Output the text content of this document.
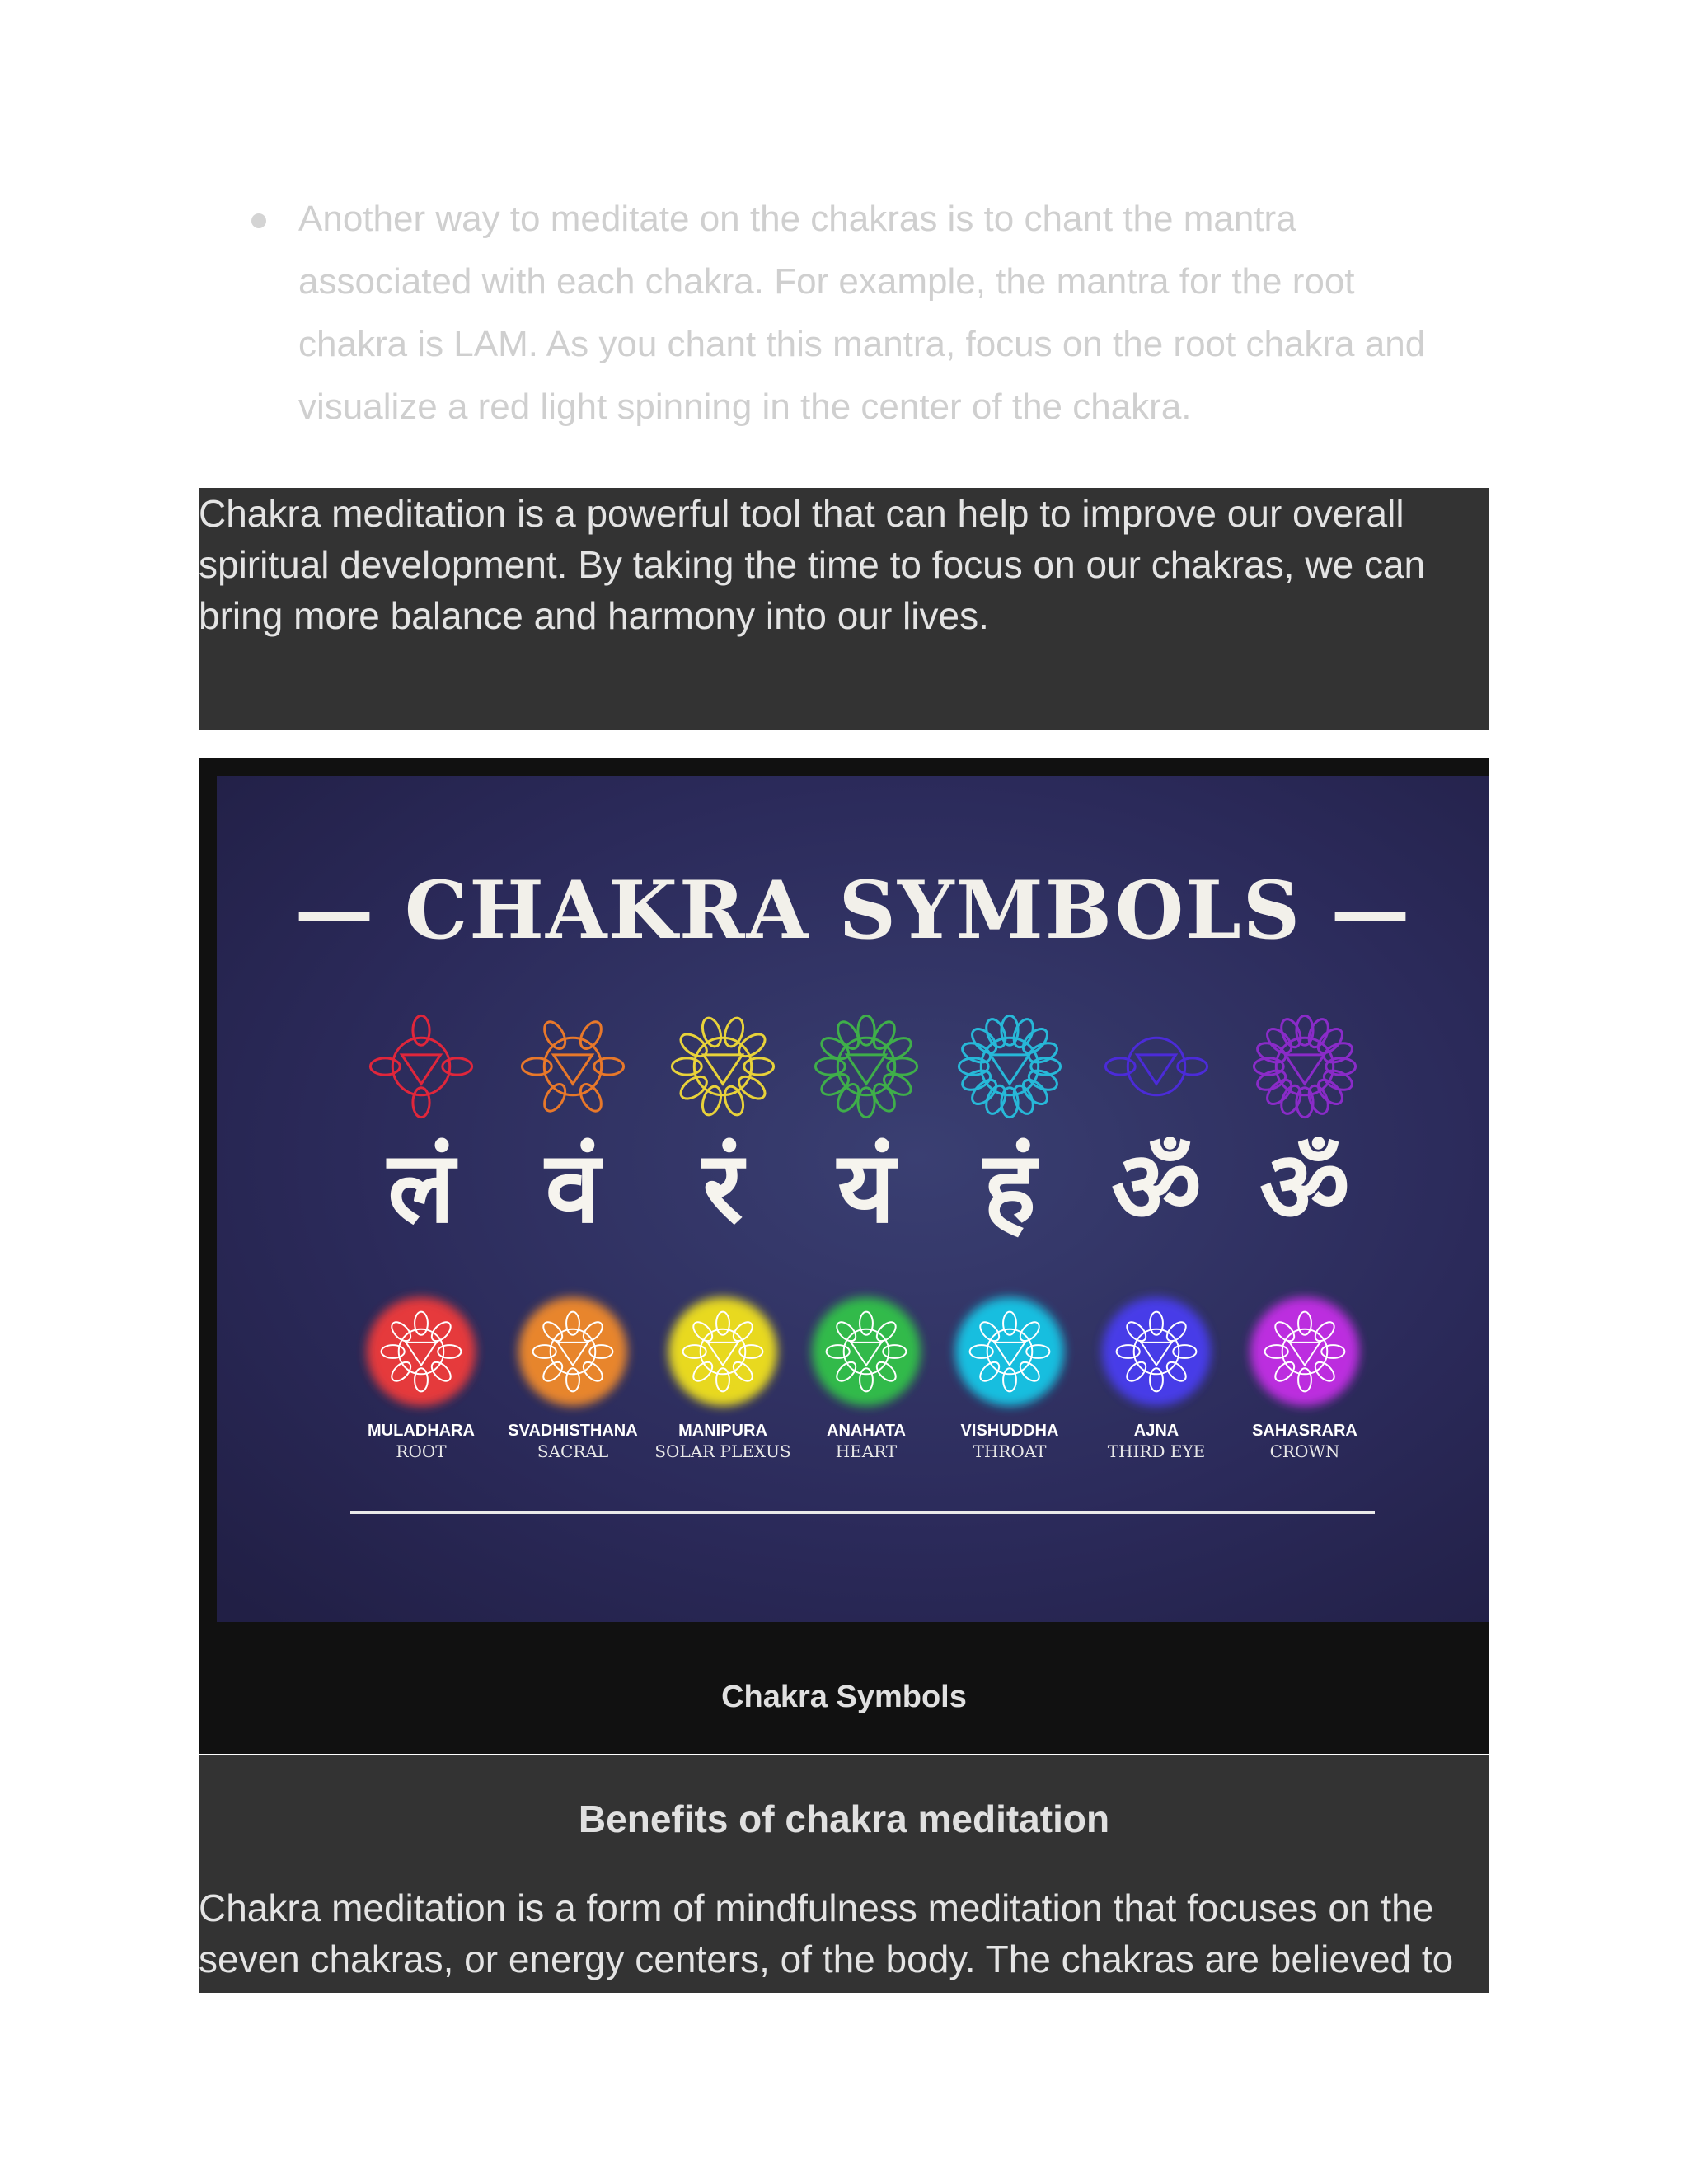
Another way to meditate on the chakras is to chant the mantra associated with each chakra. For example, the mantra for the root chakra is LAM. As you chant this mantra, focus on the root chakra and visualize a red light spinning in the center of the chakra.

Chakra meditation is a powerful tool that can help to improve our overall spiritual development. By taking the time to focus on our chakras, we can bring more balance and harmony into our lives.

— CHAKRA SYMBOLS —
लं
MULADHARA
ROOT
वं
SVADHISTHANA
SACRAL
रं
MANIPURA
SOLAR PLEXUS
यं
ANAHATA
HEART
हं
VISHUDDHA
THROAT
ॐ
AJNA
THIRD EYE
ॐ
SAHASRARA
CROWN
Chakra Symbols
Benefits of chakra meditation

Chakra meditation is a form of mindfulness meditation that focuses on the seven chakras, or energy centers, of the body. The chakras are believed to
